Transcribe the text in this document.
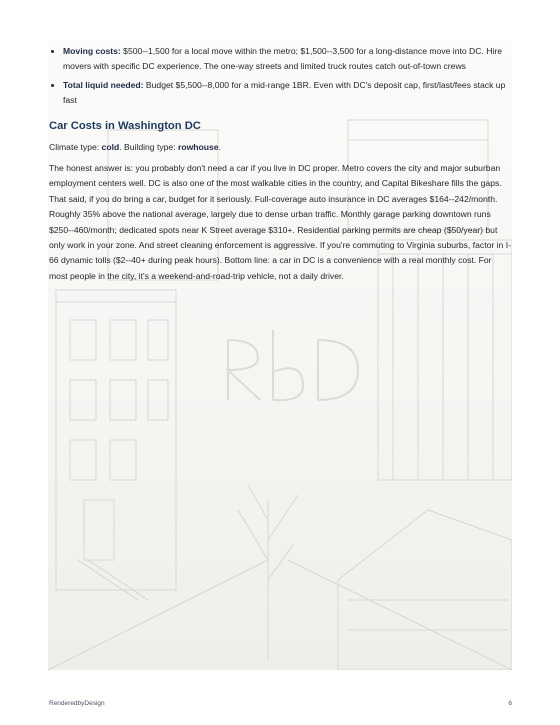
• Moving costs: $500--1,500 for a local move within the metro; $1,500--3,500 for a long-distance move into DC. Hire movers with specific DC experience. The one-way streets and limited truck routes catch out-of-town crews
• Total liquid needed: Budget $5,500--8,000 for a mid-range 1BR. Even with DC's deposit cap, first/last/fees stack up fast
Car Costs in Washington DC

Climate type: cold. Building type: rowhouse.

The honest answer is: you probably don't need a car if you live in DC proper. Metro covers the city and major suburban employment centers well. DC is also one of the most walkable cities in the country, and Capital Bikeshare fills the gaps. That said, if you do bring a car, budget for it seriously. Full-coverage auto insurance in DC averages $164--242/month. Roughly 35% above the national average, largely due to dense urban traffic. Monthly garage parking downtown runs $250--460/month; dedicated spots near K Street average $310+. Residential parking permits are cheap ($50/year) but only work in your zone. And street cleaning enforcement is aggressive. If you're commuting to Virginia suburbs, factor in I-66 dynamic tolls ($2--40+ during peak hours). Bottom line: a car in DC is a convenience with a real monthly cost. For most people in the city, it's a weekend-and-road-trip vehicle, not a daily driver.

RenderedbyDesign	6
